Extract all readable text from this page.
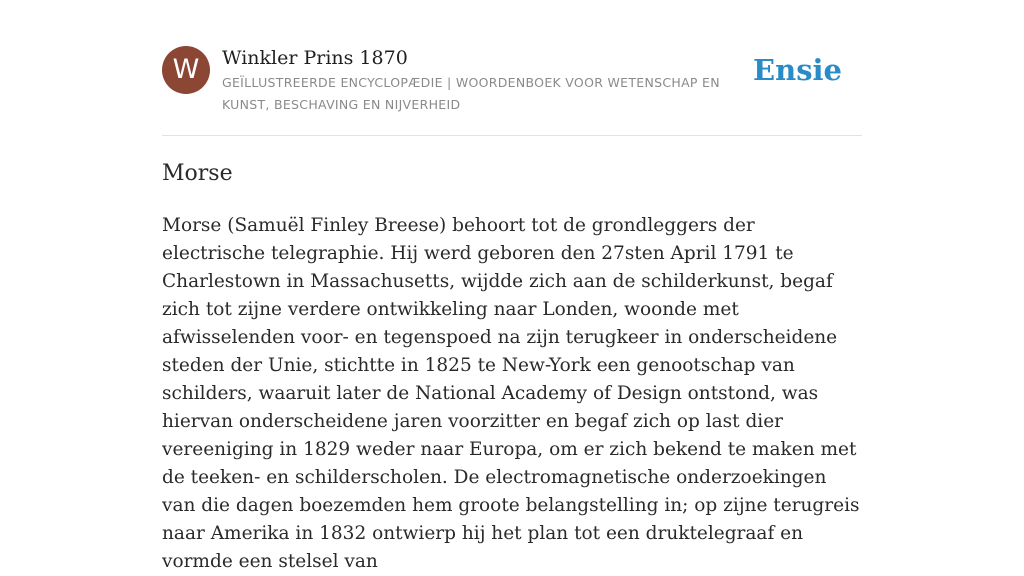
W	Winkler Prins 1870
GEÏLLUSTREERDE ENCYCLOPÆDIE | WOORDENBOEK VOOR WETENSCHAP EN KUNST, BESCHAVING EN NIJVERHEID
Ensie
Morse

Morse (Samuël Finley Breese) behoort tot de grondleggers der electrische telegraphie. Hij werd geboren den 27sten April 1791 te Charlestown in Massachusetts, wijdde zich aan de schilderkunst, begaf zich tot zijne verdere ontwikkeling naar Londen, woonde met afwisselenden voor- en tegenspoed na zijn terugkeer in onderscheidene steden der Unie, stichtte in 1825 te New-York een genootschap van schilders, waaruit later de National Academy of Design ontstond, was hiervan onderscheidene jaren voorzitter en begaf zich op last dier vereeniging in 1829 weder naar Europa, om er zich bekend te maken met de teeken- en schilderscholen. De electromagnetische onderzoekingen van die dagen boezemden hem groote belangstelling in; op zijne terugreis naar Amerika in 1832 ontwierp hij het plan tot een druktelegraaf en vormde een stelsel van
